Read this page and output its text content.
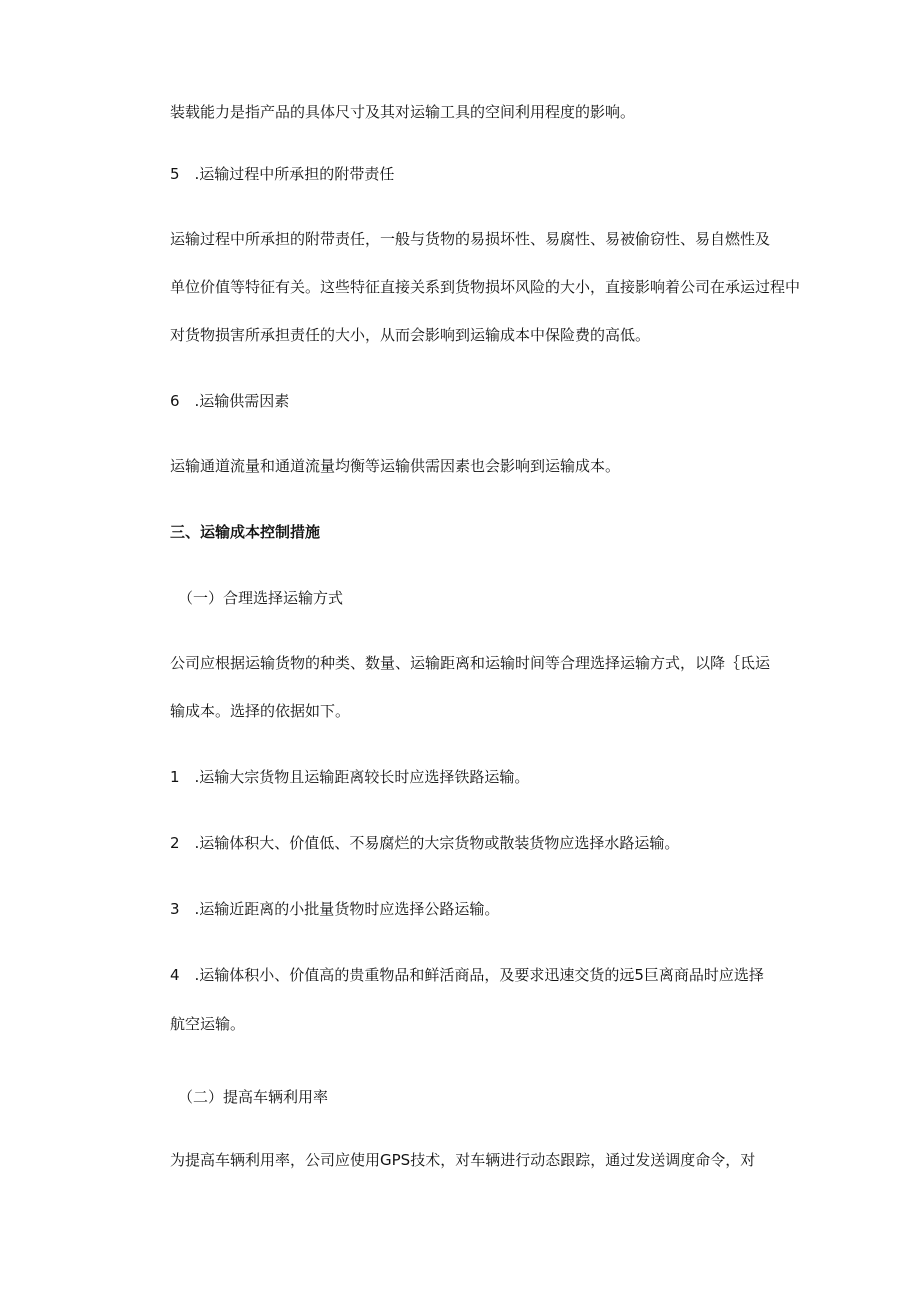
装载能力是指产品的具体尺寸及其对运输工具的空间利用程度的影响。
5　.运输过程中所承担的附带责任
运输过程中所承担的附带责任，一般与货物的易损坏性、易腐性、易被偷窃性、易自燃性及
单位价值等特征有关。这些特征直接关系到货物损坏风险的大小，直接影响着公司在承运过程中
对货物损害所承担责任的大小，从而会影响到运输成本中保险费的高低。
6　.运输供需因素
运输通道流量和通道流量均衡等运输供需因素也会影响到运输成本。
三、运输成本控制措施
（一）合理选择运输方式
公司应根据运输货物的种类、数量、运输距离和运输时间等合理选择运输方式，以降｛氐运
输成本。选择的依据如下。
1　.运输大宗货物且运输距离较长时应选择铁路运输。
2　.运输体积大、价值低、不易腐烂的大宗货物或散装货物应选择水路运输。
3　.运输近距离的小批量货物时应选择公路运输。
4　.运输体积小、价值高的贵重物品和鲜活商品，及要求迅速交货的远5巨离商品时应选择
航空运输。
（二）提高车辆利用率
为提高车辆利用率，公司应使用GPS技术，对车辆进行动态跟踪，通过发送调度命令，对
